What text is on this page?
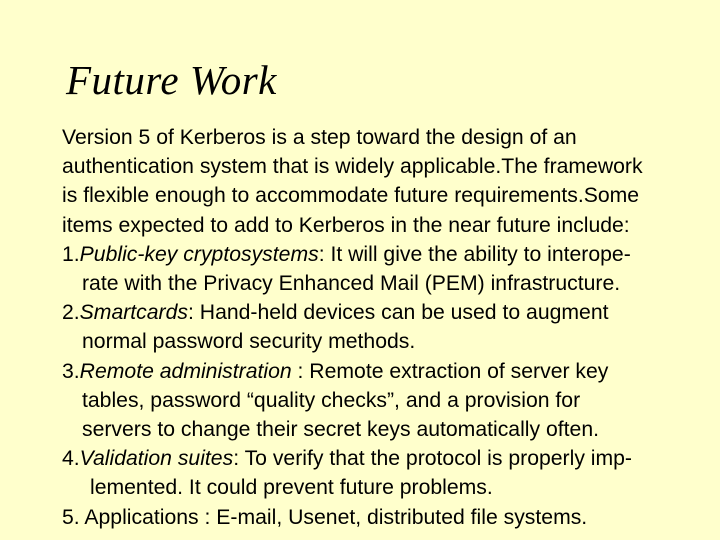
Future Work
Version 5 of Kerberos is a step toward the design of an
authentication system that is widely applicable.The framework
is flexible enough to accommodate future requirements.Some
items expected to add to Kerberos in the near future include:
1.Public-key cryptosystems: It will give the ability to interope-
rate with the Privacy Enhanced Mail (PEM) infrastructure.
2.Smartcards: Hand-held devices can be used to augment
normal password security methods.
3.Remote administration : Remote extraction of server key
tables, password “quality checks”, and a provision for
servers to change their secret keys automatically often.
4.Validation suites: To verify that the protocol is properly imp-
lemented. It could prevent future problems.
5. Applications : E-mail, Usenet, distributed file systems.
